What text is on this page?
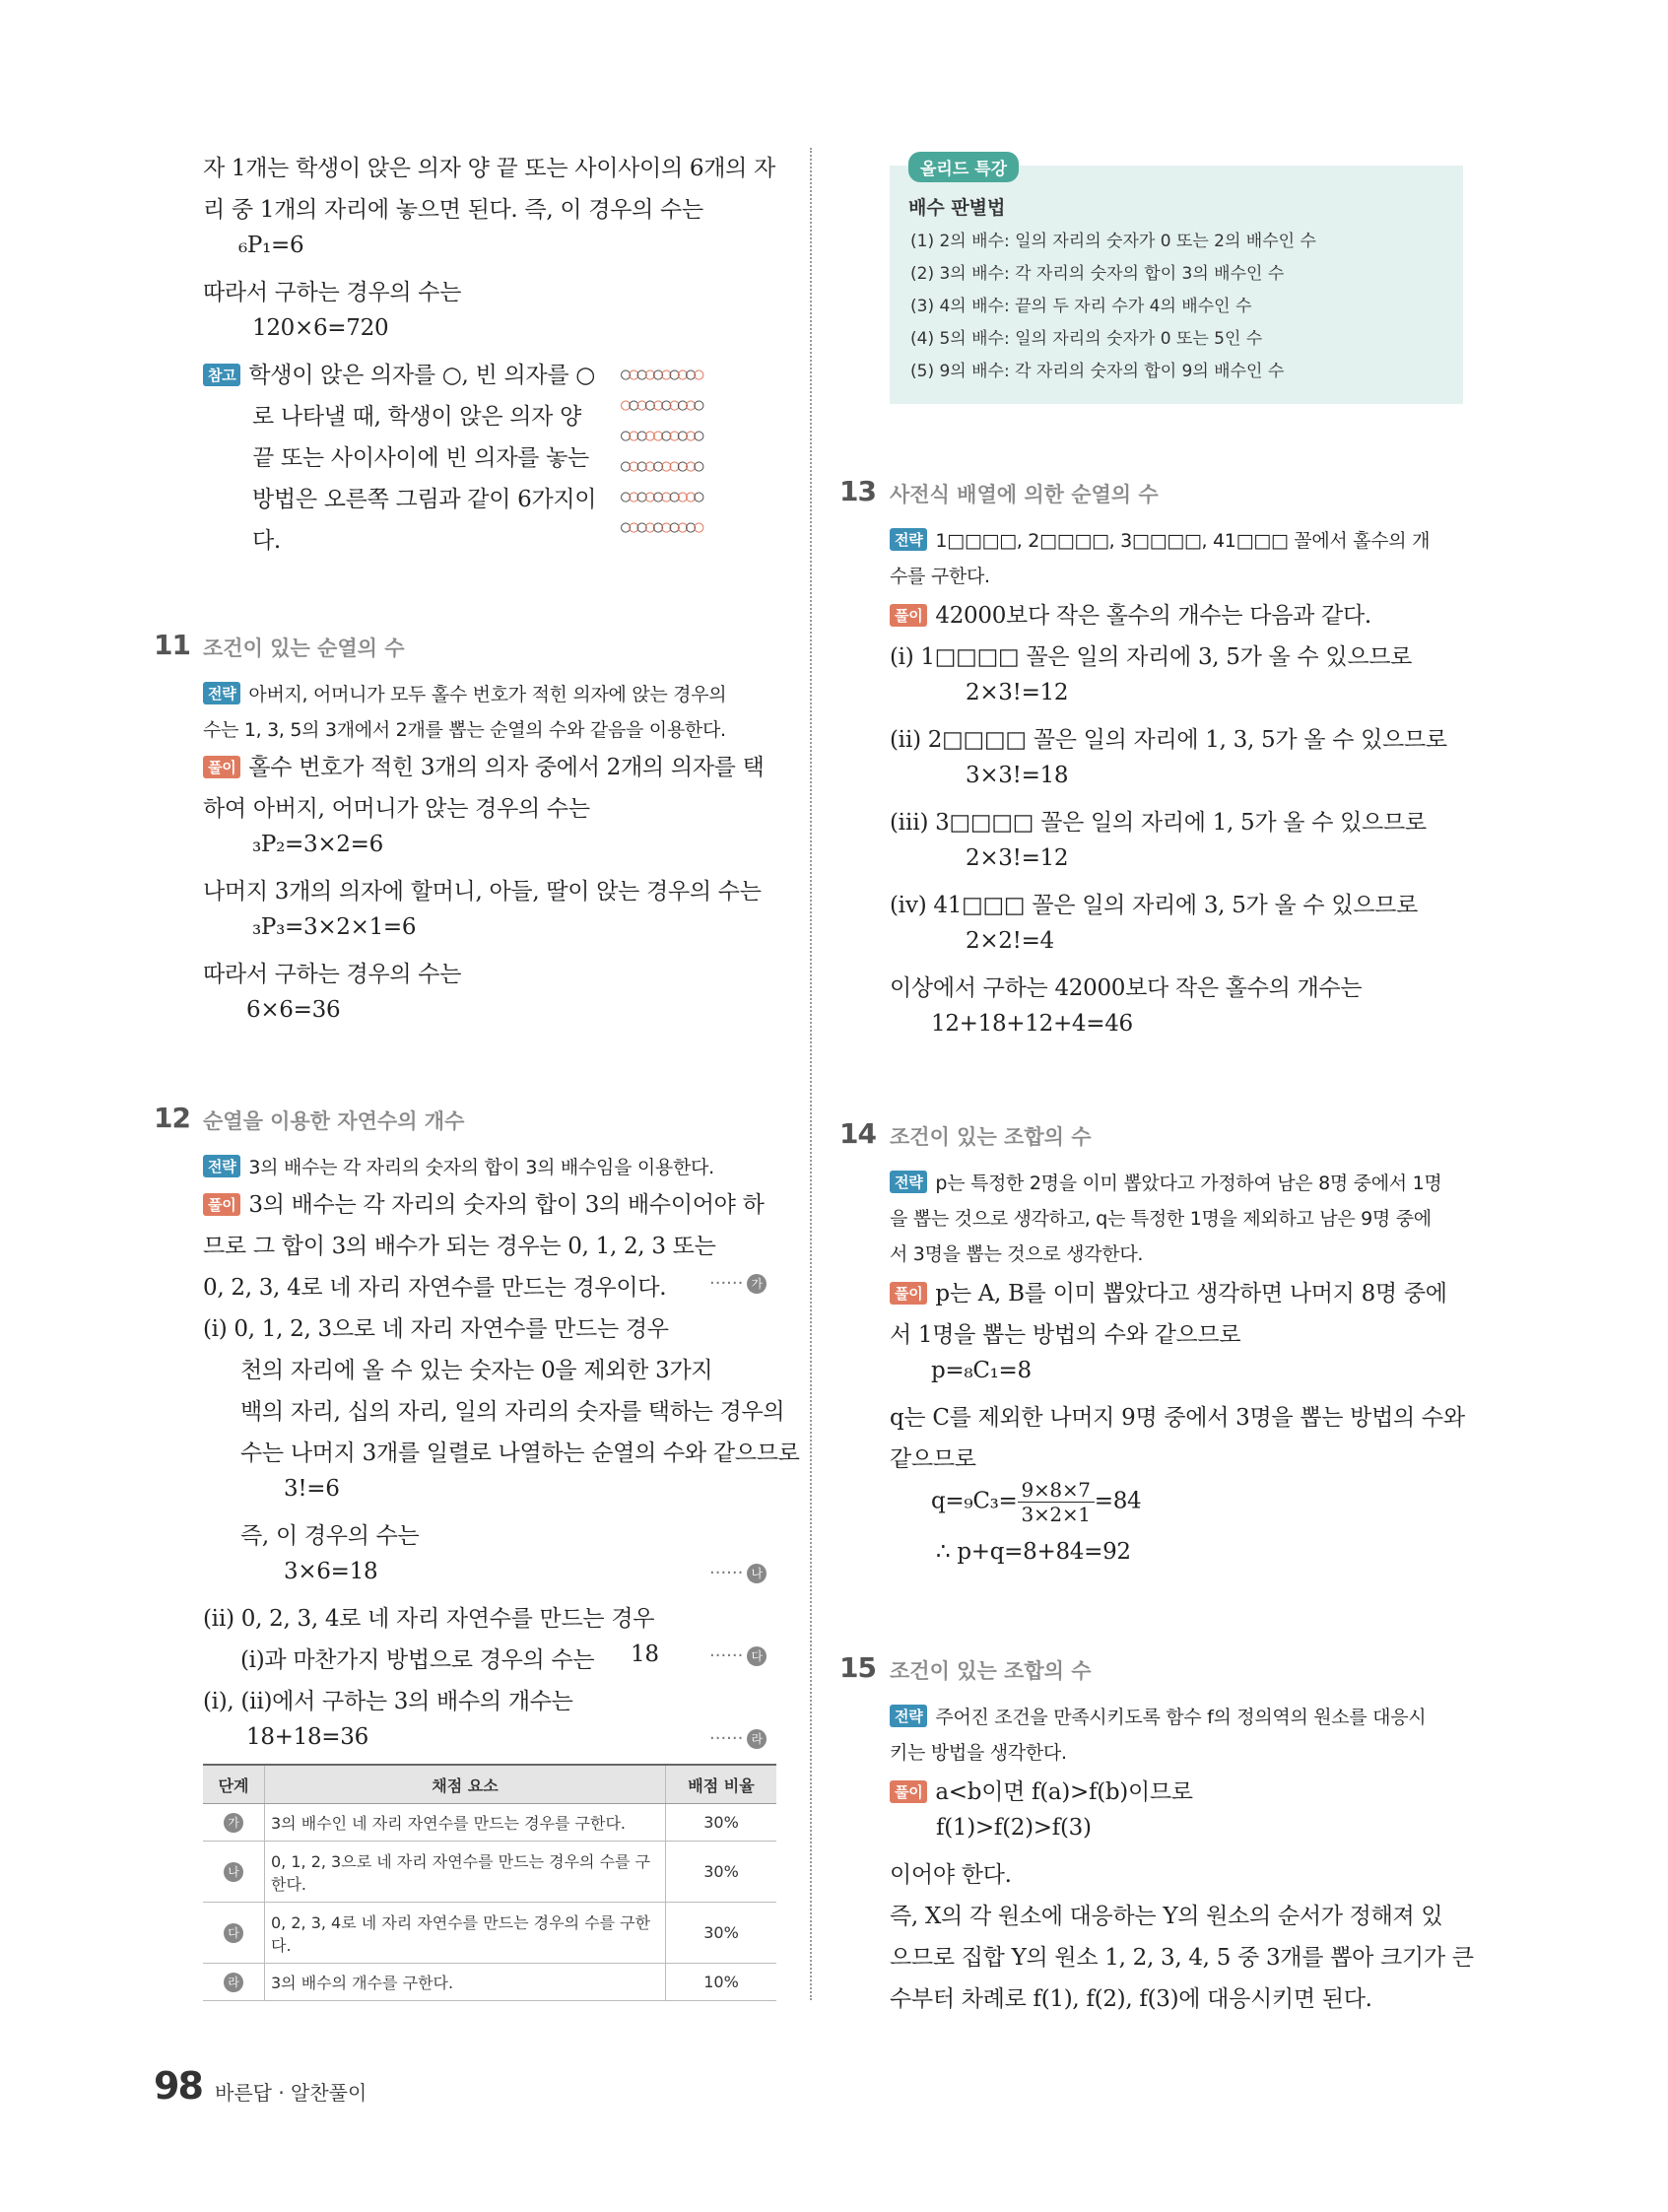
자 1개는 학생이 앉은 의자 양 끝 또는 사이사이의 6개의 자
리 중 1개의 자리에 놓으면 된다. 즉, 이 경우의 수는
₆P₁=6
따라서 구하는 경우의 수는
120×6=720
참고 학생이 앉은 의자를 ○, 빈 의자를 ○
로 나타낼 때, 학생이 앉은 의자 양
끝 또는 사이사이에 빈 의자를 놓는
방법은 오른쪽 그림과 같이 6가지이
다.
○○○○○○○○○○
○○○○○○○○○○
○○○○○○○○○○
○○○○○○○○○○
○○○○○○○○○○
○○○○○○○○○○
11 조건이 있는 순열의 수
전략 아버지, 어머니가 모두 홀수 번호가 적힌 의자에 앉는 경우의
수는 1, 3, 5의 3개에서 2개를 뽑는 순열의 수와 같음을 이용한다.
풀이 홀수 번호가 적힌 3개의 의자 중에서 2개의 의자를 택
하여 아버지, 어머니가 앉는 경우의 수는
₃P₂=3×2=6
나머지 3개의 의자에 할머니, 아들, 딸이 앉는 경우의 수는
₃P₃=3×2×1=6
따라서 구하는 경우의 수는
6×6=36
12 순열을 이용한 자연수의 개수
전략 3의 배수는 각 자리의 숫자의 합이 3의 배수임을 이용한다.
풀이 3의 배수는 각 자리의 숫자의 합이 3의 배수이어야 하
므로 그 합이 3의 배수가 되는 경우는 0, 1, 2, 3 또는
0, 2, 3, 4로 네 자리 자연수를 만드는 경우이다. ······ 가
(ⅰ) 0, 1, 2, 3으로 네 자리 자연수를 만드는 경우
천의 자리에 올 수 있는 숫자는 0을 제외한 3가지
백의 자리, 십의 자리, 일의 자리의 숫자를 택하는 경우의
수는 나머지 3개를 일렬로 나열하는 순열의 수와 같으므로
3!=6
즉, 이 경우의 수는
3×6=18	······ 나
(ⅱ) 0, 2, 3, 4로 네 자리 자연수를 만드는 경우
(ⅰ)과 마찬가지 방법으로 경우의 수는 18	······ 다
(ⅰ), (ⅱ)에서 구하는 3의 배수의 개수는
18+18=36	······ 라
단계	채점 요소	배점 비율
가	3의 배수인 네 자리 자연수를 만드는 경우를 구한다.	30%
나	0, 1, 2, 3으로 네 자리 자연수를 만드는 경우의 수를 구한다.	30%
다	0, 2, 3, 4로 네 자리 자연수를 만드는 경우의 수를 구한다.	30%
라	3의 배수의 개수를 구한다.	10%
올리드 특강
배수 판별법
(1) 2의 배수: 일의 자리의 숫자가 0 또는 2의 배수인 수
(2) 3의 배수: 각 자리의 숫자의 합이 3의 배수인 수
(3) 4의 배수: 끝의 두 자리 수가 4의 배수인 수
(4) 5의 배수: 일의 자리의 숫자가 0 또는 5인 수
(5) 9의 배수: 각 자리의 숫자의 합이 9의 배수인 수
13 사전식 배열에 의한 순열의 수
전략 1□□□□, 2□□□□, 3□□□□, 41□□□ 꼴에서 홀수의 개
수를 구한다.
풀이 42000보다 작은 홀수의 개수는 다음과 같다.
(ⅰ) 1□□□□ 꼴은 일의 자리에 3, 5가 올 수 있으므로
2×3!=12
(ⅱ) 2□□□□ 꼴은 일의 자리에 1, 3, 5가 올 수 있으므로
3×3!=18
(ⅲ) 3□□□□ 꼴은 일의 자리에 1, 5가 올 수 있으므로
2×3!=12
(ⅳ) 41□□□ 꼴은 일의 자리에 3, 5가 올 수 있으므로
2×2!=4
이상에서 구하는 42000보다 작은 홀수의 개수는
12+18+12+4=46
14 조건이 있는 조합의 수
전략 p는 특정한 2명을 이미 뽑았다고 가정하여 남은 8명 중에서 1명
을 뽑는 것으로 생각하고, q는 특정한 1명을 제외하고 남은 9명 중에
서 3명을 뽑는 것으로 생각한다.
풀이 p는 A, B를 이미 뽑았다고 생각하면 나머지 8명 중에
서 1명을 뽑는 방법의 수와 같으므로
p=₈C₁=8
q는 C를 제외한 나머지 9명 중에서 3명을 뽑는 방법의 수와
같으므로
$q=_9C_3= \frac{9\times 8\times 7}{3\times 2\times 1} =84$
∴ p+q=8+84=92
15 조건이 있는 조합의 수
전략 주어진 조건을 만족시키도록 함수 f의 정의역의 원소를 대응시
키는 방법을 생각한다.
풀이 a<b이면 f(a)>f(b)이므로
f(1)>f(2)>f(3)
이어야 한다.
즉, X의 각 원소에 대응하는 Y의 원소의 순서가 정해져 있
으므로 집합 Y의 원소 1, 2, 3, 4, 5 중 3개를 뽑아 크기가 큰
수부터 차례로 f(1), f(2), f(3)에 대응시키면 된다.
98 바른답 · 알찬풀이
